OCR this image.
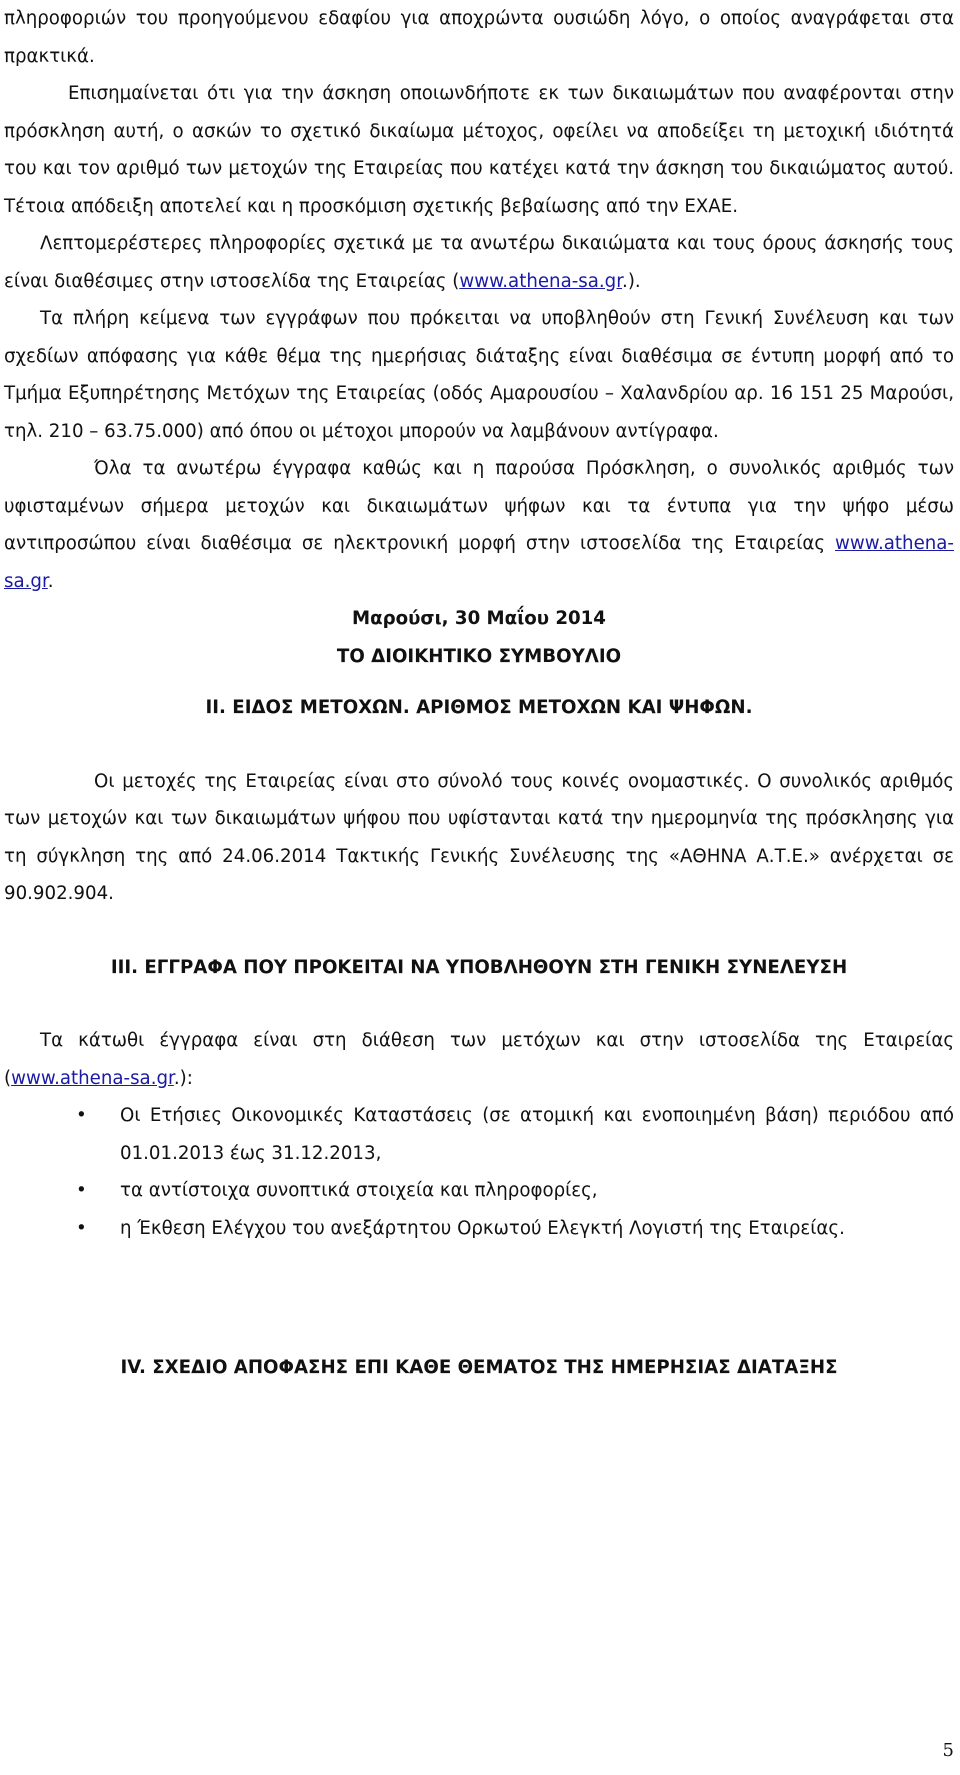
πληροφοριών του προηγούμενου εδαφίου για αποχρώντα ουσιώδη λόγο, ο οποίος αναγράφεται στα πρακτικά.

Επισημαίνεται ότι για την άσκηση οποιωνδήποτε εκ των δικαιωμάτων που αναφέρονται στην πρόσκληση αυτή, ο ασκών το σχετικό δικαίωμα μέτοχος, οφείλει να αποδείξει τη μετοχική ιδιότητά του και τον αριθμό των μετοχών της Εταιρείας που κατέχει κατά την άσκηση του δικαιώματος αυτού. Τέτοια απόδειξη αποτελεί και η προσκόμιση σχετικής βεβαίωσης από την ΕΧΑΕ.

Λεπτομερέστερες πληροφορίες σχετικά με τα ανωτέρω δικαιώματα και τους όρους άσκησής τους είναι διαθέσιμες στην ιστοσελίδα της Εταιρείας (www.athena-sa.gr.).

Τα πλήρη κείμενα των εγγράφων που πρόκειται να υποβληθούν στη Γενική Συνέλευση και των σχεδίων απόφασης για κάθε θέμα της ημερήσιας διάταξης είναι διαθέσιμα σε έντυπη μορφή από το Τμήμα Εξυπηρέτησης Μετόχων της Εταιρείας (οδός Αμαρουσίου – Χαλανδρίου αρ. 16 151 25 Μαρούσι, τηλ. 210 – 63.75.000) από όπου οι μέτοχοι μπορούν να λαμβάνουν αντίγραφα.

Όλα τα ανωτέρω έγγραφα καθώς και η παρούσα Πρόσκληση, ο συνολικός αριθμός των υφισταμένων σήμερα μετοχών και δικαιωμάτων ψήφων και τα έντυπα για την ψήφο μέσω αντιπροσώπου είναι διαθέσιμα σε ηλεκτρονική μορφή στην ιστοσελίδα της Εταιρείας www.athena-sa.gr.

Μαρούσι, 30 Μαΐου 2014

ΤΟ ΔΙΟΙΚΗΤΙΚΟ ΣΥΜΒΟΥΛΙΟ

ΙΙ. ΕΙΔΟΣ ΜΕΤΟΧΩΝ. ΑΡΙΘΜΟΣ ΜΕΤΟΧΩΝ ΚΑΙ ΨΗΦΩΝ.

Οι μετοχές της Εταιρείας είναι στο σύνολό τους κοινές ονομαστικές. Ο συνολικός αριθμός των μετοχών και των δικαιωμάτων ψήφου που υφίστανται κατά την ημερομηνία της πρόσκλησης για τη σύγκληση της από 24.06.2014 Τακτικής Γενικής Συνέλευσης της «ΑΘΗΝΑ Α.Τ.Ε.» ανέρχεται σε 90.902.904.

ΙΙΙ. ΕΓΓΡΑΦΑ ΠΟΥ ΠΡΟΚΕΙΤΑΙ ΝΑ ΥΠΟΒΛΗΘΟΥΝ ΣΤΗ ΓΕΝΙΚΗ ΣΥΝΕΛΕΥΣΗ

Τα κάτωθι έγγραφα είναι στη διάθεση των μετόχων και στην ιστοσελίδα της Εταιρείας (www.athena-sa.gr.):

• Οι Ετήσιες Οικονομικές Καταστάσεις (σε ατομική και ενοποιημένη βάση) περιόδου από 01.01.2013 έως 31.12.2013,
• τα αντίστοιχα συνοπτικά στοιχεία και πληροφορίες,
• η Έκθεση Ελέγχου του ανεξάρτητου Ορκωτού Ελεγκτή Λογιστή της Εταιρείας.

ΙV. ΣΧΕΔΙΟ ΑΠΟΦΑΣΗΣ ΕΠΙ ΚΑΘΕ ΘΕΜΑΤΟΣ ΤΗΣ ΗΜΕΡΗΣΙΑΣ ΔΙΑΤΑΞΗΣ

5
